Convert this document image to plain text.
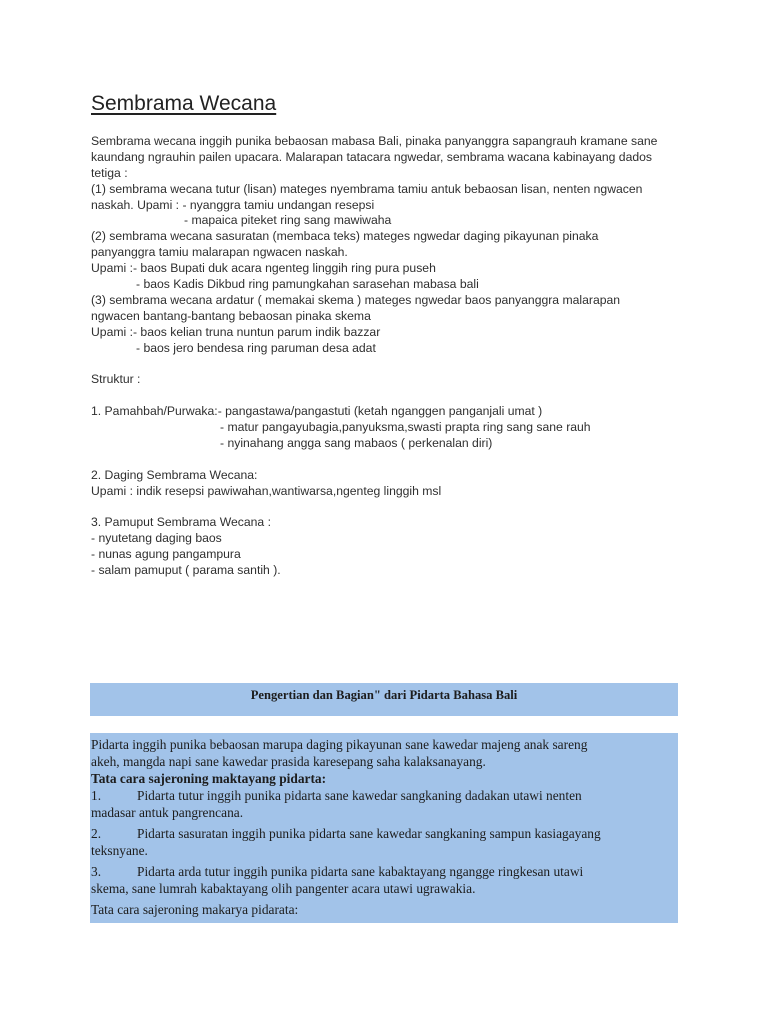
Sembrama Wecana
Sembrama wecana inggih punika bebaosan mabasa Bali, pinaka panyanggra sapangrauh kramane sane
kaundang ngrauhin pailen upacara. Malarapan tatacara ngwedar, sembrama wacana kabinayang dados
tetiga :
(1) sembrama wecana tutur (lisan) mateges nyembrama tamiu antuk bebaosan lisan, nenten ngwacen
naskah. Upami : - nyanggra tamiu undangan resepsi
- mapaica piteket ring sang mawiwaha
(2) sembrama wecana sasuratan (membaca teks) mateges ngwedar daging pikayunan pinaka
panyanggra tamiu malarapan ngwacen naskah.
Upami :- baos Bupati duk acara ngenteg linggih ring pura puseh
- baos Kadis Dikbud ring pamungkahan sarasehan mabasa bali
(3) sembrama wecana ardatur ( memakai skema ) mateges ngwedar baos panyanggra malarapan
ngwacen bantang-bantang bebaosan pinaka skema
Upami :- baos kelian truna nuntun parum indik bazzar
- baos jero bendesa ring paruman desa adat
Struktur :
1. Pamahbah/Purwaka:- pangastawa/pangastuti (ketah nganggen panganjali umat )
- matur pangayubagia,panyuksma,swasti prapta ring sang sane rauh
- nyinahang angga sang mabaos ( perkenalan diri)
2. Daging Sembrama Wecana:
Upami : indik resepsi pawiwahan,wantiwarsa,ngenteg linggih msl
3. Pamuput Sembrama Wecana :
- nyutetang daging baos
- nunas agung pangampura
- salam pamuput ( parama santih ).
Pengertian dan Bagian" dari Pidarta Bahasa Bali
Pidarta inggih punika bebaosan marupa daging pikayunan sane kawedar majeng anak sareng
akeh, mangda napi sane kawedar prasida karesepang saha kalaksanayang.
Tata cara sajeroning maktayang pidarta:
1.	Pidarta tutur inggih punika pidarta sane kawedar sangkaning dadakan utawi nenten
madasar antuk pangrencana.
2.	Pidarta sasuratan inggih punika pidarta sane kawedar sangkaning sampun kasiagayang
teksnyane.
3.	Pidarta arda tutur inggih punika pidarta sane kabaktayang ngangge ringkesan utawi
skema, sane lumrah kabaktayang olih pangenter acara utawi ugrawakia.
Tata cara sajeroning makarya pidarata:
